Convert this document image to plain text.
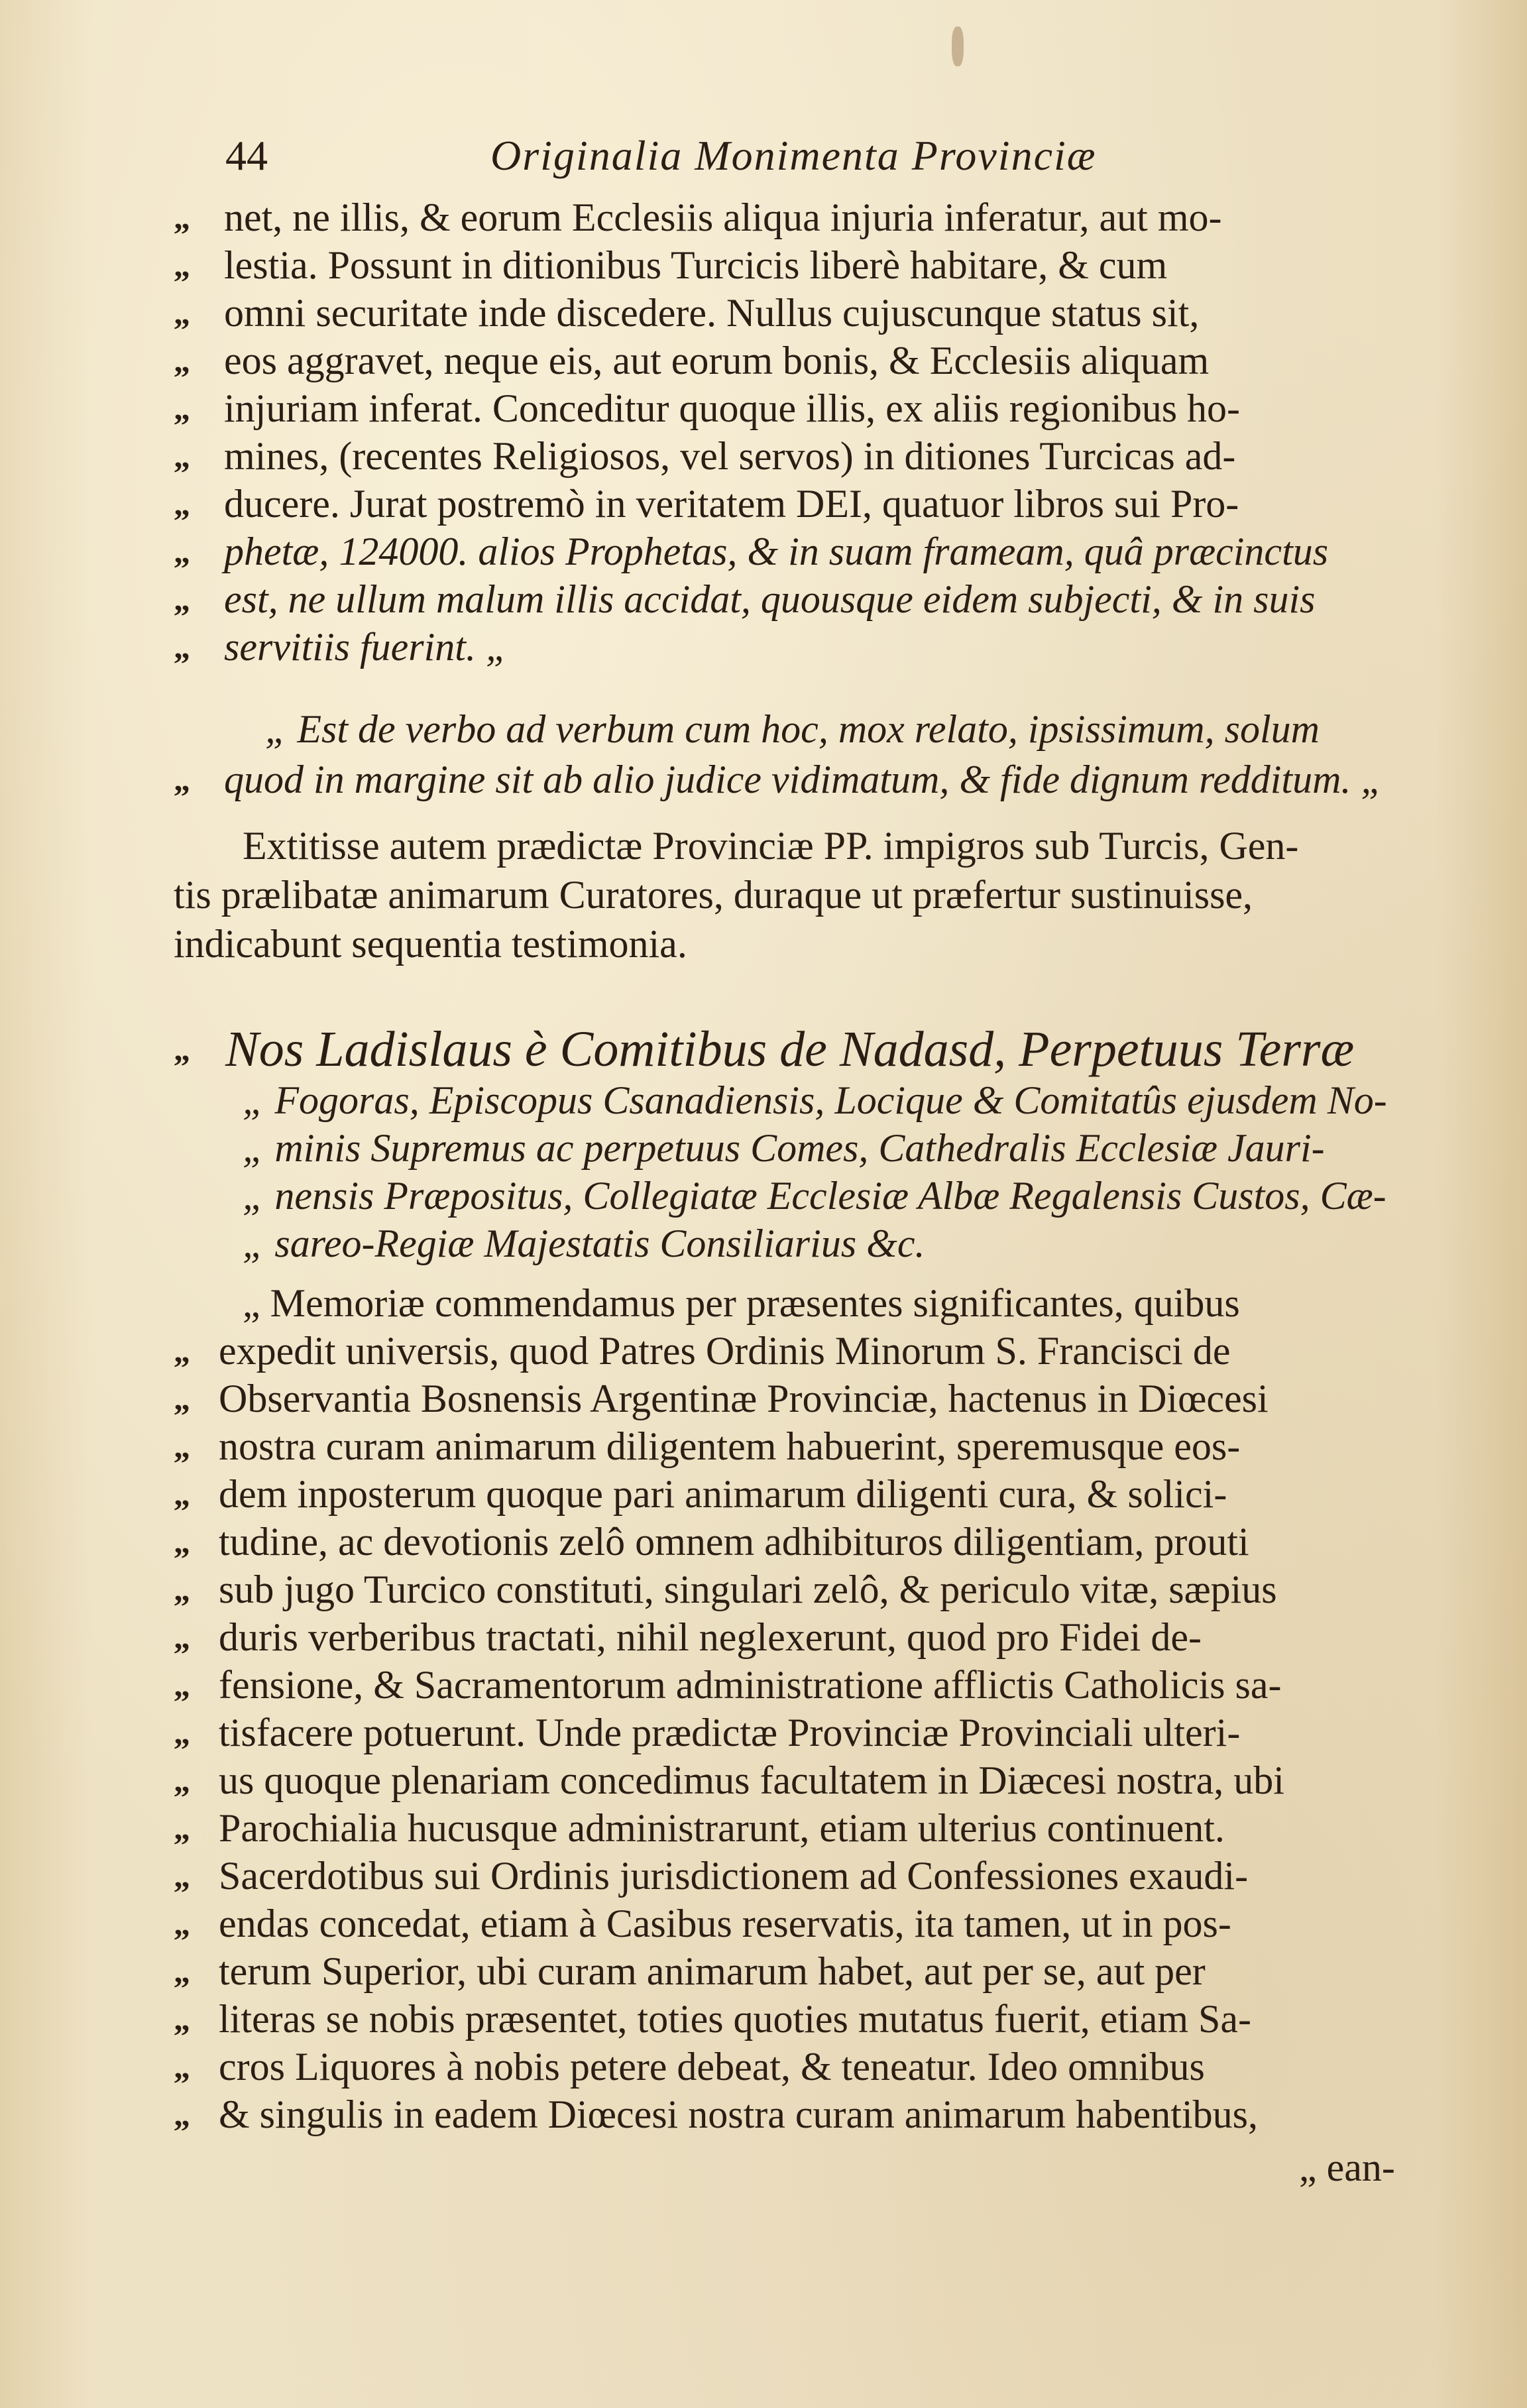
44	Originalia Monimenta Provinciæ
„ net, ne illis, & eorum Ecclesiis aliqua injuria inferatur, aut mo-
„ lestia. Possunt in ditionibus Turcicis liberè habitare, & cum
„ omni securitate inde discedere. Nullus cujuscunque status sit,
„ eos aggravet, neque eis, aut eorum bonis, & Ecclesiis aliquam
„ injuriam inferat. Conceditur quoque illis, ex aliis regionibus ho-
„ mines, (recentes Religiosos, vel servos) in ditiones Turcicas ad-
„ ducere. Jurat postremò in veritatem DEI, quatuor libros sui Pro-
„ phetæ, 124000. alios Prophetas, & in suam frameam, quâ præcinctus
„ est, ne ullum malum illis accidat, quousque eidem subjecti, & in suis
„ servitiis fuerint. „
„ Est de verbo ad verbum cum hoc, mox relato, ipsissimum, solum
„ quod in margine sit ab alio judice vidimatum, & fide dignum redditum. „
Extitisse autem prædictæ Provinciæ PP. impigros sub Turcis, Gen-
tis prælibatæ animarum Curatores, duraque ut præfertur sustinuisse,
indicabunt sequentia testimonia.
„ Nos Ladislaus è Comitibus de Nadasd, Perpetuus Terræ
„ Fogoras, Episcopus Csanadiensis, Locique & Comitatûs ejusdem No-
„ minis Supremus ac perpetuus Comes, Cathedralis Ecclesiæ Jauri-
„ nensis Præpositus, Collegiatæ Ecclesiæ Albæ Regalensis Custos, Cæ-
„ sareo-Regiæ Majestatis Consiliarius &c.
„ Memoriæ commendamus per præsentes significantes, quibus
„ expedit universis, quod Patres Ordinis Minorum S. Francisci de
„ Observantia Bosnensis Argentinæ Provinciæ, hactenus in Diœcesi
„ nostra curam animarum diligentem habuerint, speremusque eos-
„ dem inposterum quoque pari animarum diligenti cura, & solici-
„ tudine, ac devotionis zelô omnem adhibituros diligentiam, prouti
„ sub jugo Turcico constituti, singulari zelô, & periculo vitæ, sæpius
„ duris verberibus tractati, nihil neglexerunt, quod pro Fidei de-
„ fensione, & Sacramentorum administratione afflictis Catholicis sa-
„ tisfacere potuerunt. Unde prædictæ Provinciæ Provinciali ulteri-
„ us quoque plenariam concedimus facultatem in Diæcesi nostra, ubi
„ Parochialia hucusque administrarunt, etiam ulterius continuent.
„ Sacerdotibus sui Ordinis jurisdictionem ad Confessiones exaudi-
„ endas concedat, etiam à Casibus reservatis, ita tamen, ut in pos-
„ terum Superior, ubi curam animarum habet, aut per se, aut per
„ literas se nobis præsentet, toties quoties mutatus fuerit, etiam Sa-
„ cros Liquores à nobis petere debeat, & teneatur. Ideo omnibus
„ & singulis in eadem Diœcesi nostra curam animarum habentibus,
„ ean-
